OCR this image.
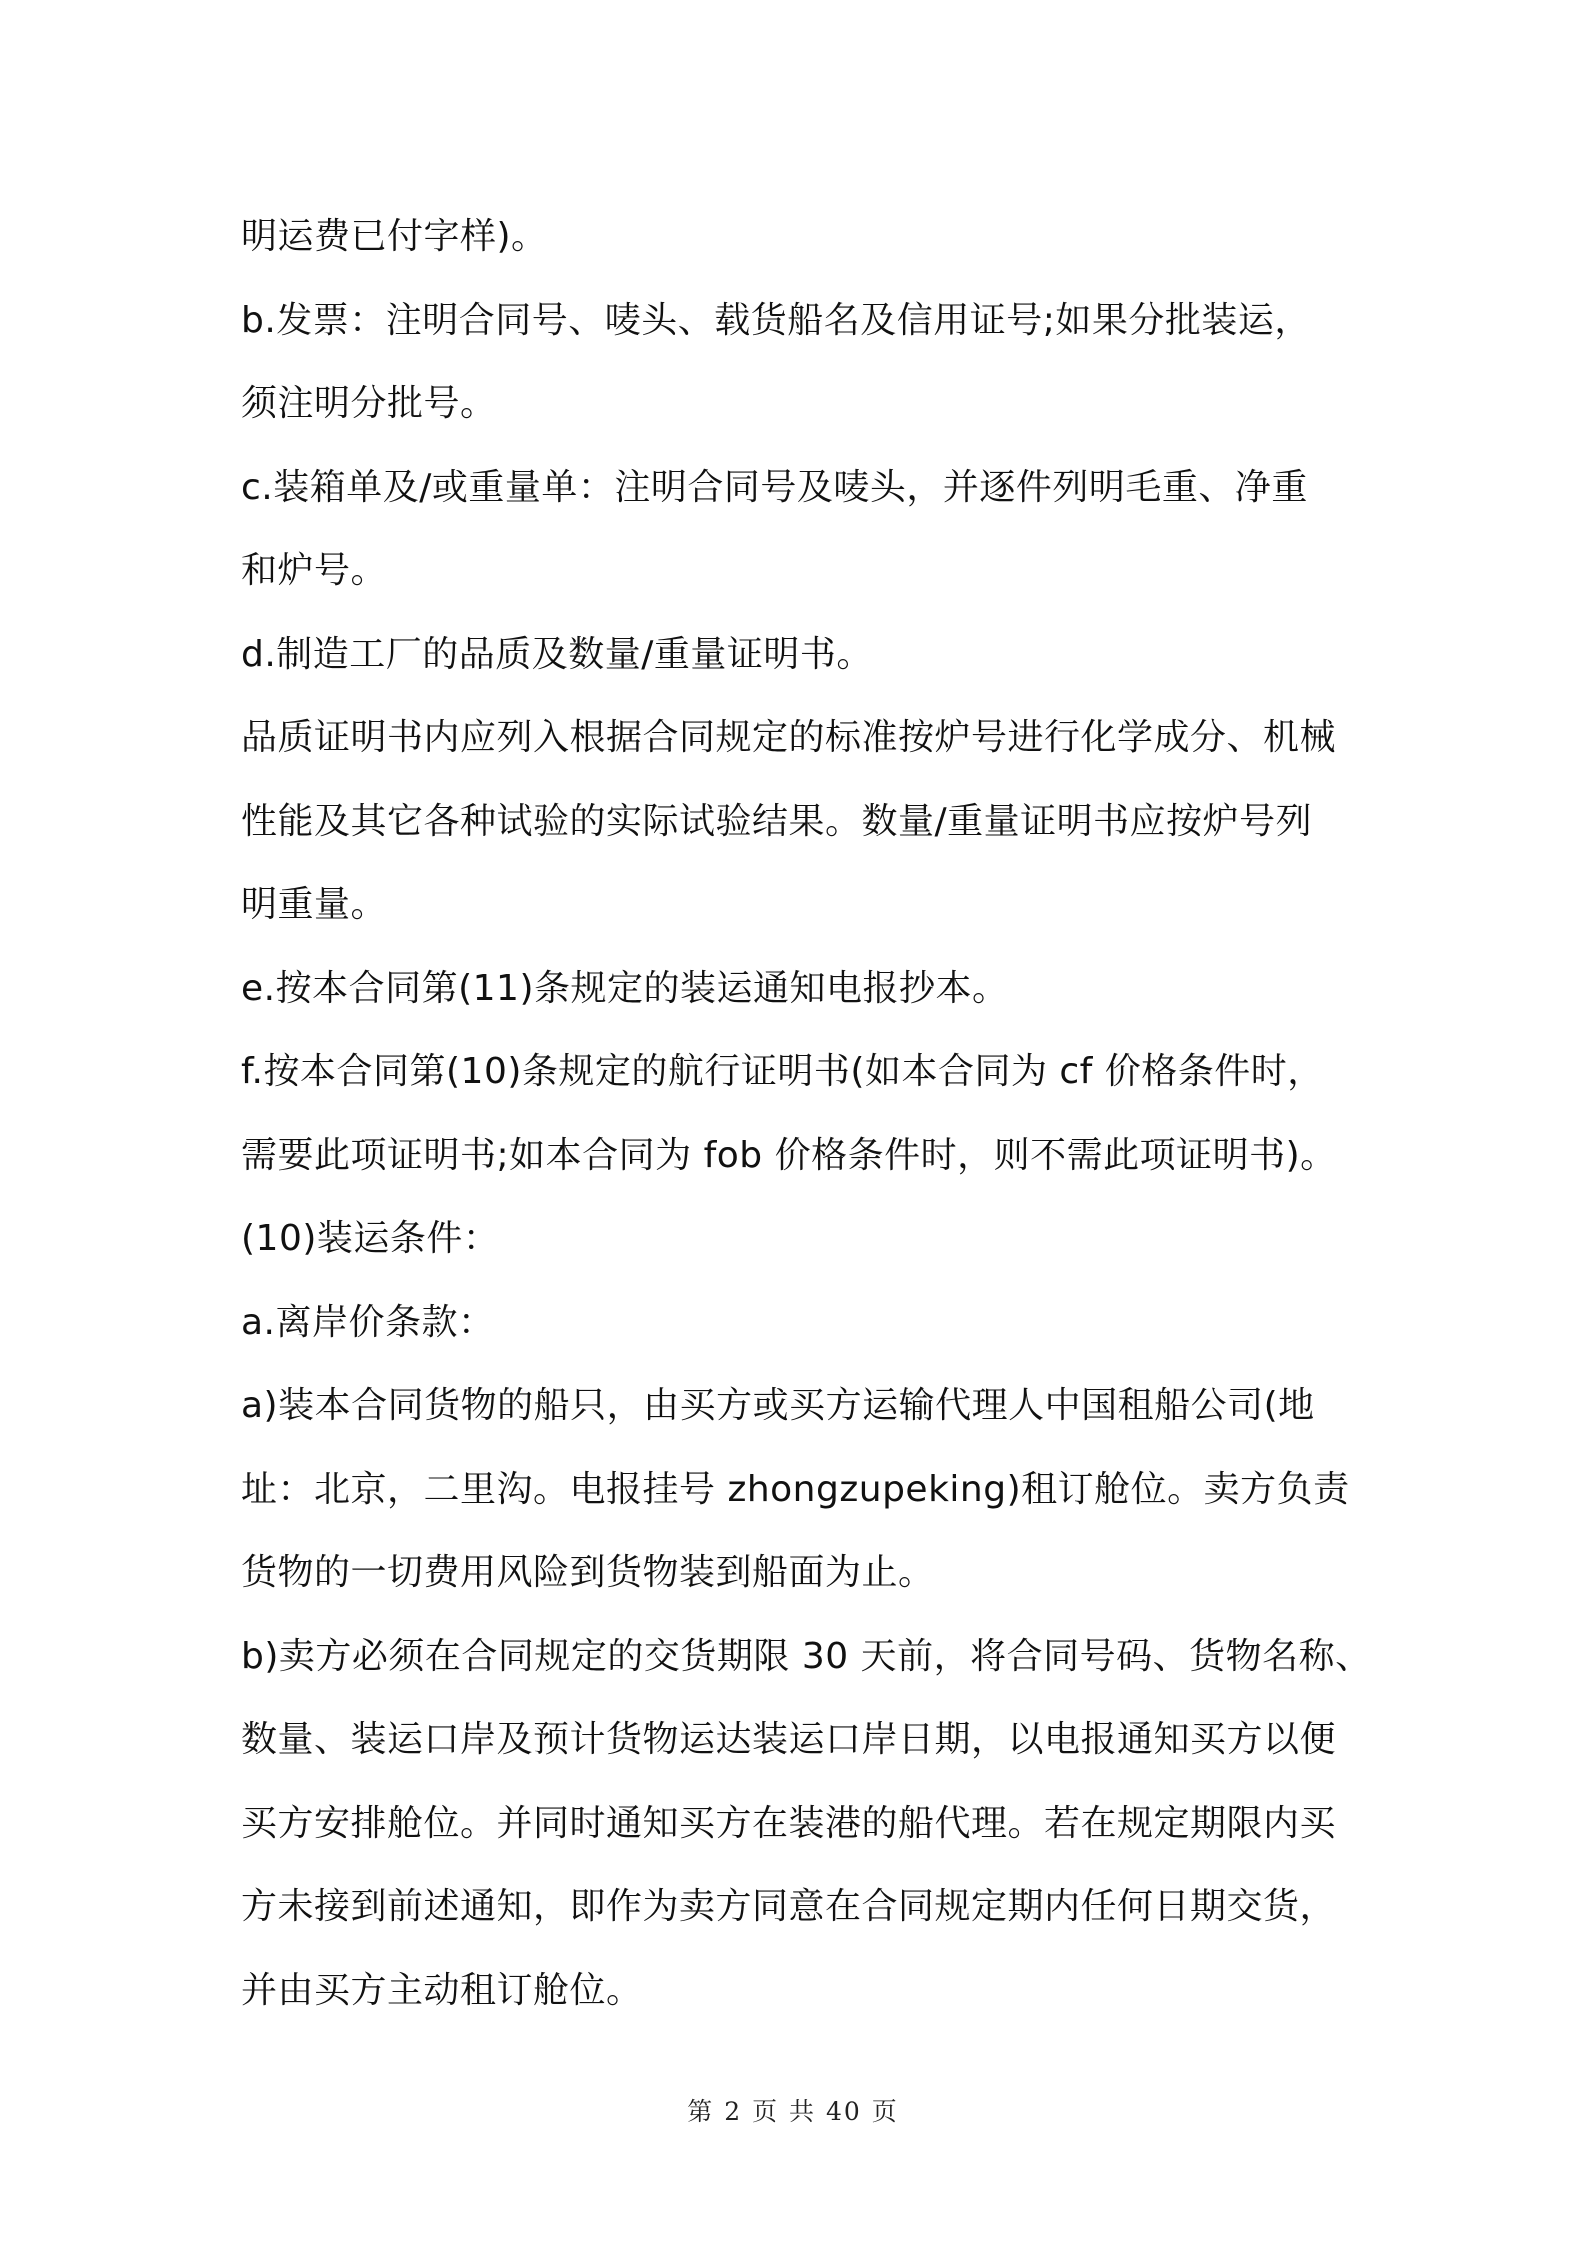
明运费已付字样)。
b.发票：注明合同号、唛头、载货船名及信用证号;如果分批装运，
须注明分批号。
c.装箱单及/或重量单：注明合同号及唛头，并逐件列明毛重、净重
和炉号。
d.制造工厂的品质及数量/重量证明书。
品质证明书内应列入根据合同规定的标准按炉号进行化学成分、机械
性能及其它各种试验的实际试验结果。数量/重量证明书应按炉号列
明重量。
e.按本合同第(11)条规定的装运通知电报抄本。
f.按本合同第(10)条规定的航行证明书(如本合同为 cf 价格条件时，
需要此项证明书;如本合同为 fob 价格条件时，则不需此项证明书)。
(10)装运条件：
a.离岸价条款：
a)装本合同货物的船只，由买方或买方运输代理人中国租船公司(地
址：北京，二里沟。电报挂号 zhongzupeking)租订舱位。卖方负责
货物的一切费用风险到货物装到船面为止。
b)卖方必须在合同规定的交货期限 30 天前，将合同号码、货物名称、
数量、装运口岸及预计货物运达装运口岸日期，以电报通知买方以便
买方安排舱位。并同时通知买方在装港的船代理。若在规定期限内买
方未接到前述通知，即作为卖方同意在合同规定期内任何日期交货，
并由买方主动租订舱位。
第 2 页 共 40 页
